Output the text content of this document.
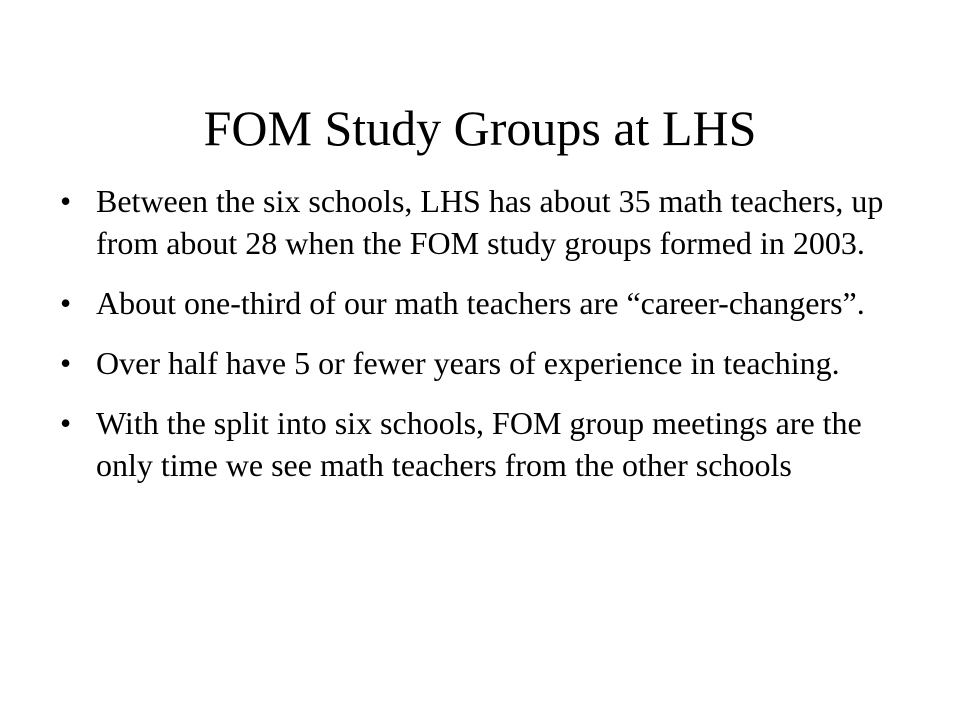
FOM Study Groups at LHS
• Between the six schools, LHS has about 35 math teachers, up from about 28 when the FOM study groups formed in 2003.
• About one-third of our math teachers are “career-changers”.
• Over half have 5 or fewer years of experience in teaching.
• With the split into six schools, FOM group meetings are the only time we see math teachers from the other schools
